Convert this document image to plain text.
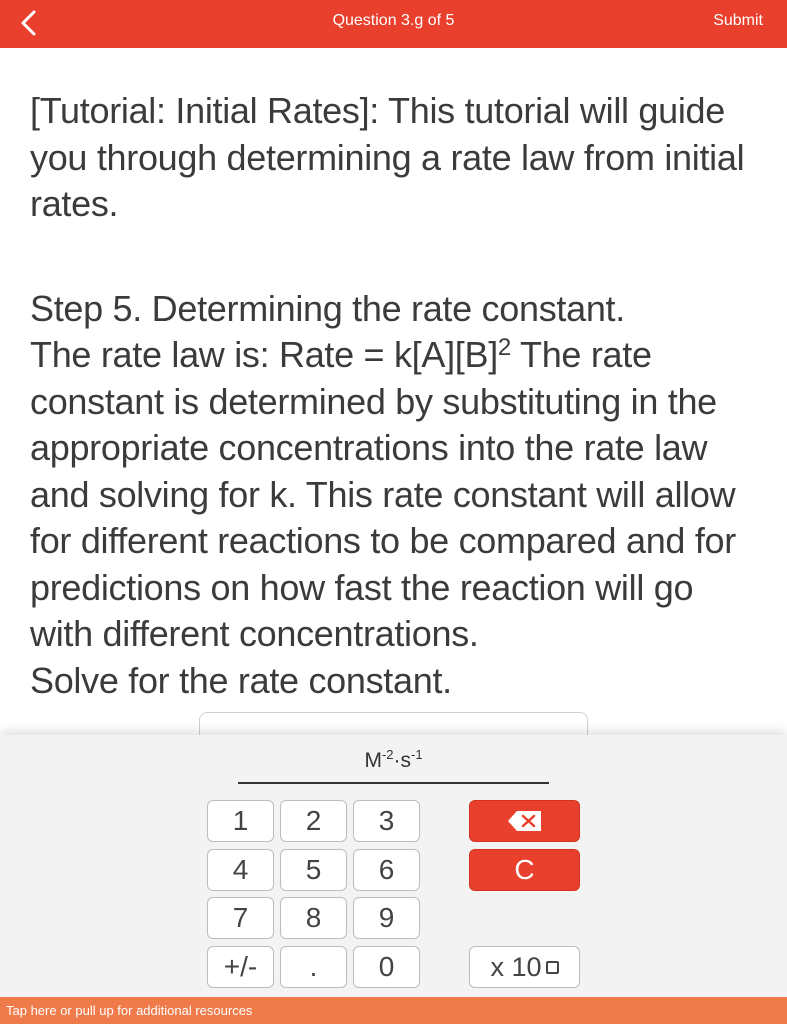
Question 3.g of 5	Submit

[Tutorial: Initial Rates]: This tutorial will guide you through determining a rate law from initial rates.

Step 5. Determining the rate constant.
The rate law is: Rate = $k[A][B]^2$ The rate constant is determined by substituting in the appropriate concentrations into the rate law and solving for k. This rate constant will allow for different reactions to be compared and for predictions on how fast the reaction will go with different concentrations.
Solve for the rate constant.
$M^{-2}\cdot s^{-1}$
1	2	3
4	5	6
7	8	9
+/-	.	0
C
x 10
Tap here or pull up for additional resources
